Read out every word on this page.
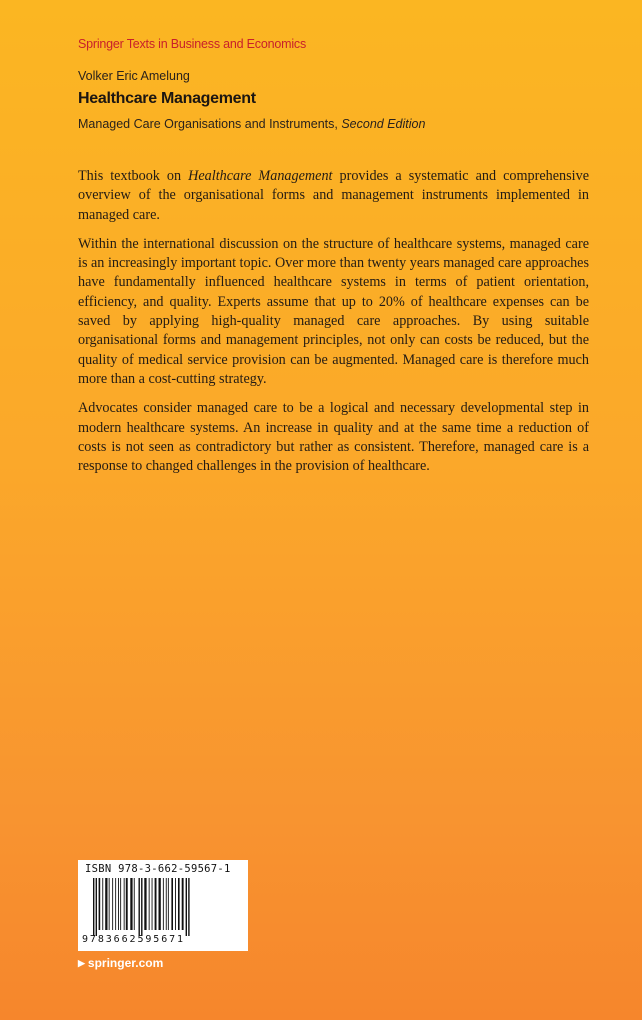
Springer Texts in Business and Economics
Volker Eric Amelung
Healthcare Management
Managed Care Organisations and Instruments, Second Edition

This textbook on Healthcare Management provides a systematic and comprehensive overview of the organisational forms and management instruments implemented in managed care.

Within the international discussion on the structure of healthcare systems, managed care is an increasingly important topic. Over more than twenty years managed care approaches have fundamentally influenced healthcare systems in terms of patient orientation, efficiency, and quality. Experts assume that up to 20% of healthcare expenses can be saved by applying high-quality managed care approaches. By using suitable organisational forms and management principles, not only can costs be reduced, but the quality of medical service provision can be augmented. Managed care is therefore much more than a cost-cutting strategy.

Advocates consider managed care to be a logical and necessary developmental step in modern healthcare systems. An increase in quality and at the same time a reduction of costs is not seen as contradictory but rather as consistent. Therefore, managed care is a response to changed challenges in the provision of healthcare.

ISBN 978-3-662-59567-1
9783662595671
▶ springer.com
